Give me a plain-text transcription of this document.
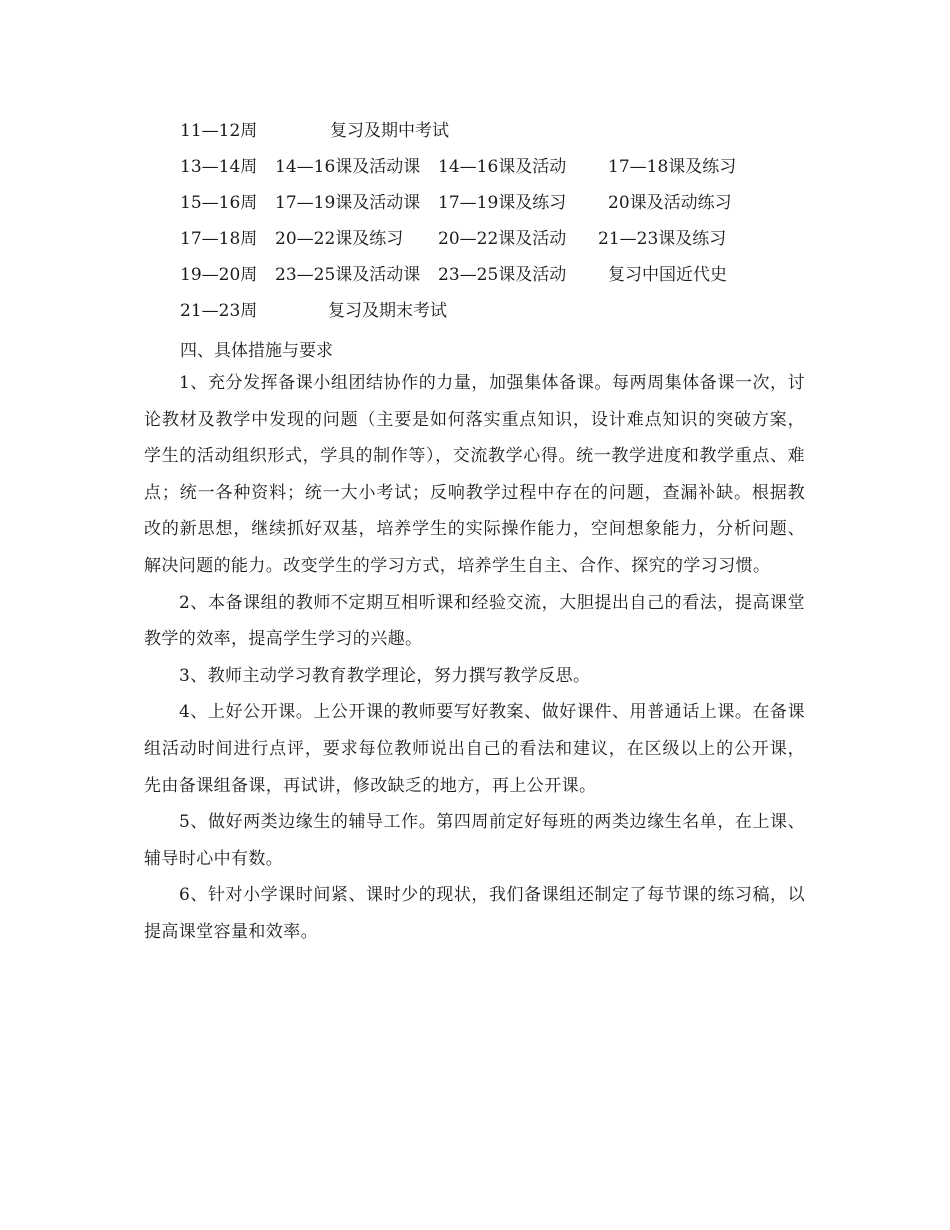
11—12周	复习及期中考试
13—14周 14—16课及活动课 14—16课及活动 17—18课及练习
15—16周 17—19课及活动课 17—19课及练习 20课及活动练习
17—18周 20—22课及练习 20—22课及活动 21—23课及练习
19—20周 23—25课及活动课 23—25课及活动 复习中国近代史
21—23周	复习及期末考试
四、具体措施与要求

1、充分发挥备课小组团结协作的力量，加强集体备课。每两周集体备课一次，讨论教材及教学中发现的问题（主要是如何落实重点知识，设计难点知识的突破方案，学生的活动组织形式，学具的制作等），交流教学心得。统一教学进度和教学重点、难点；统一各种资料；统一大小考试；反响教学过程中存在的问题，查漏补缺。根据教改的新思想，继续抓好双基，培养学生的实际操作能力，空间想象能力，分析问题、解决问题的能力。改变学生的学习方式，培养学生自主、合作、探究的学习习惯。

2、本备课组的教师不定期互相听课和经验交流，大胆提出自己的看法，提高课堂教学的效率，提高学生学习的兴趣。

3、教师主动学习教育教学理论，努力撰写教学反思。

4、上好公开课。上公开课的教师要写好教案、做好课件、用普通话上课。在备课组活动时间进行点评，要求每位教师说出自己的看法和建议，在区级以上的公开课，先由备课组备课，再试讲，修改缺乏的地方，再上公开课。

5、做好两类边缘生的辅导工作。第四周前定好每班的两类边缘生名单，在上课、辅导时心中有数。

6、针对小学课时间紧、课时少的现状，我们备课组还制定了每节课的练习稿，以提高课堂容量和效率。
